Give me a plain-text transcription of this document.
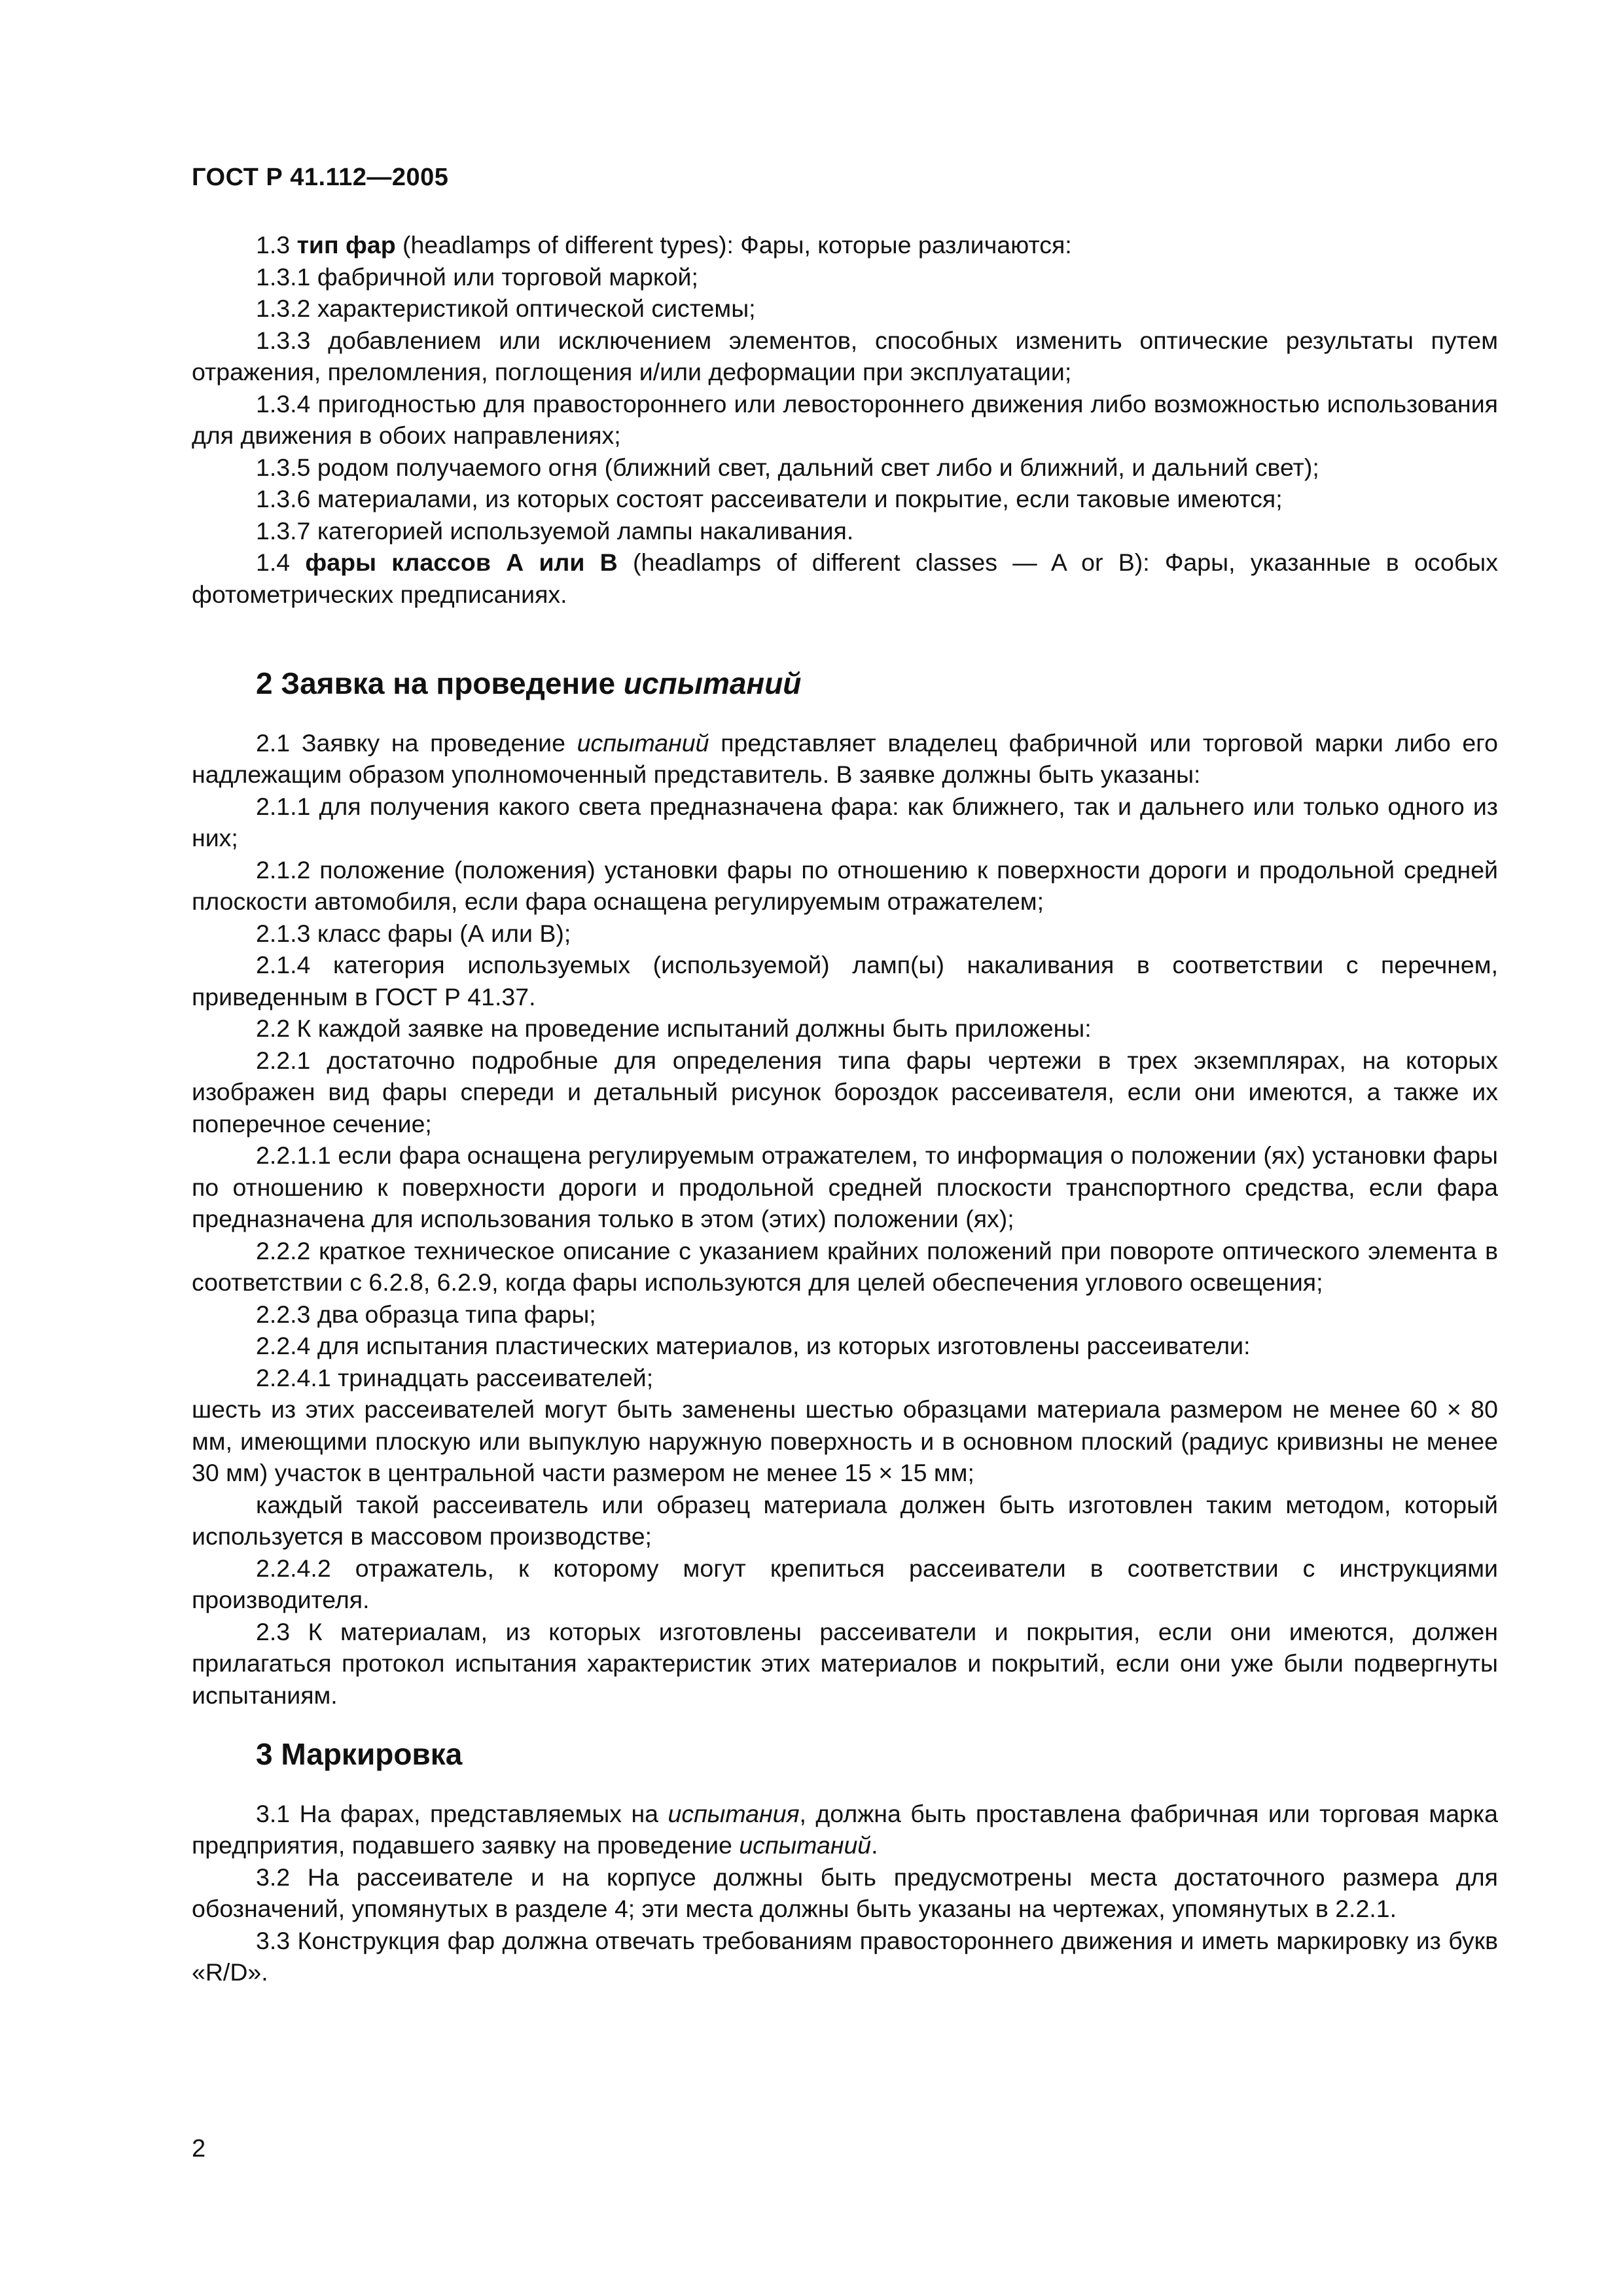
ГОСТ Р 41.112—2005

1.3 тип фар (headlamps of different types): Фары, которые различаются:

1.3.1 фабричной или торговой маркой;

1.3.2 характеристикой оптической системы;

1.3.3 добавлением или исключением элементов, способных изменить оптические результаты путем отражения, преломления, поглощения и/или деформации при эксплуатации;

1.3.4 пригодностью для правостороннего или левостороннего движения либо возможностью использования для движения в обоих направлениях;

1.3.5 родом получаемого огня (ближний свет, дальний свет либо и ближний, и дальний свет);

1.3.6 материалами, из которых состоят рассеиватели и покрытие, если таковые имеются;

1.3.7 категорией используемой лампы накаливания.

1.4 фары классов А или В (headlamps of different classes — A or B): Фары, указанные в особых фотометрических предписаниях.

2 Заявка на проведение испытаний

2.1 Заявку на проведение испытаний представляет владелец фабричной или торговой марки либо его надлежащим образом уполномоченный представитель. В заявке должны быть указаны:

2.1.1 для получения какого света предназначена фара: как ближнего, так и дальнего или только одного из них;

2.1.2 положение (положения) установки фары по отношению к поверхности дороги и продольной средней плоскости автомобиля, если фара оснащена регулируемым отражателем;

2.1.3 класс фары (А или В);

2.1.4 категория используемых (используемой) ламп(ы) накаливания в соответствии с перечнем, приведенным в ГОСТ Р 41.37.

2.2 К каждой заявке на проведение испытаний должны быть приложены:

2.2.1 достаточно подробные для определения типа фары чертежи в трех экземплярах, на которых изображен вид фары спереди и детальный рисунок бороздок рассеивателя, если они имеются, а также их поперечное сечение;

2.2.1.1 если фара оснащена регулируемым отражателем, то информация о положении (ях) установки фары по отношению к поверхности дороги и продольной средней плоскости транспортного средства, если фара предназначена для использования только в этом (этих) положении (ях);

2.2.2 краткое техническое описание с указанием крайних положений при повороте оптического элемента в соответствии с 6.2.8, 6.2.9, когда фары используются для целей обеспечения углового освещения;

2.2.3 два образца типа фары;

2.2.4 для испытания пластических материалов, из которых изготовлены рассеиватели:

2.2.4.1 тринадцать рассеивателей;

шесть из этих рассеивателей могут быть заменены шестью образцами материала размером не менее 60 × 80 мм, имеющими плоскую или выпуклую наружную поверхность и в основном плоский (радиус кривизны не менее 30 мм) участок в центральной части размером не менее 15 × 15 мм;

каждый такой рассеиватель или образец материала должен быть изготовлен таким методом, который используется в массовом производстве;

2.2.4.2 отражатель, к которому могут крепиться рассеиватели в соответствии с инструкциями производителя.

2.3 К материалам, из которых изготовлены рассеиватели и покрытия, если они имеются, должен прилагаться протокол испытания характеристик этих материалов и покрытий, если они уже были подвергнуты испытаниям.

3 Маркировка

3.1 На фарах, представляемых на испытания, должна быть проставлена фабричная или торговая марка предприятия, подавшего заявку на проведение испытаний.

3.2 На рассеивателе и на корпусе должны быть предусмотрены места достаточного размера для обозначений, упомянутых в разделе 4; эти места должны быть указаны на чертежах, упомянутых в 2.2.1.

3.3 Конструкция фар должна отвечать требованиям правостороннего движения и иметь маркировку из букв «R/D».

2
